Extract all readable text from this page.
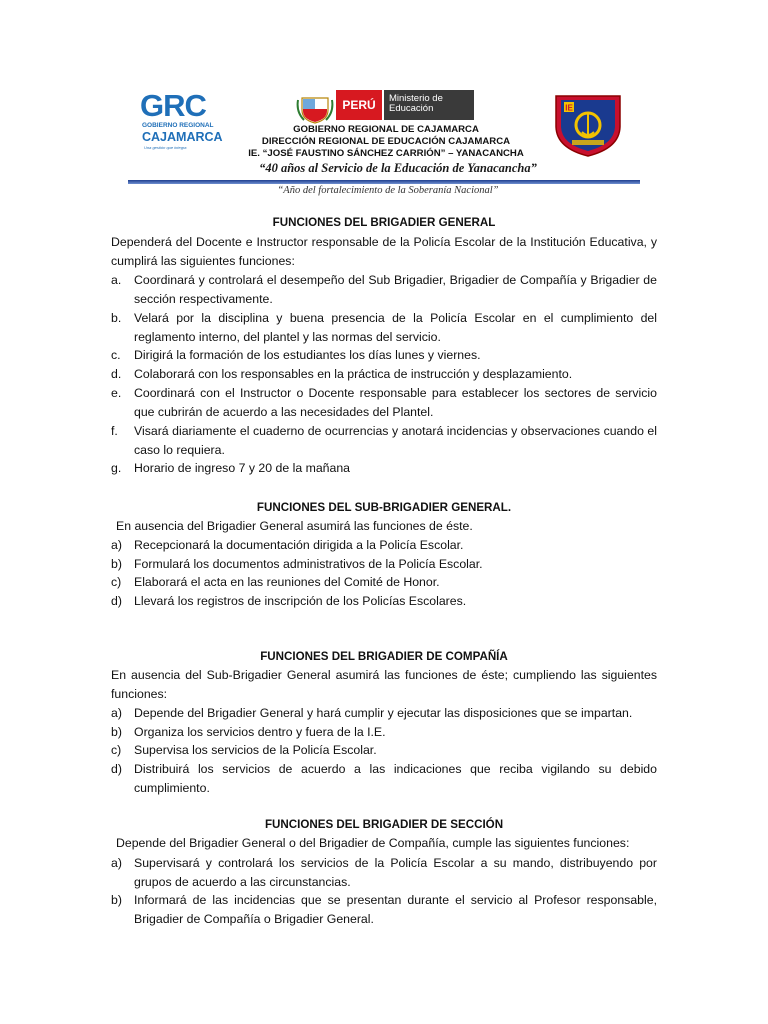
GRC
GOBIERNO REGIONAL
CAJAMARCA
Una gestión que integra
PERÚ	Ministerio de Educación	IE
GOBIERNO REGIONAL DE CAJAMARCA
DIRECCIÓN REGIONAL DE EDUCACIÓN CAJAMARCA
IE. “JOSÉ FAUSTINO SÁNCHEZ CARRIÓN” – YANACANCHA
“40 años al Servicio de la Educación de Yanacancha”
“Año del fortalecimiento de la Soberanía Nacional”
FUNCIONES DEL BRIGADIER GENERAL
Dependerá del Docente e Instructor responsable de la Policía Escolar de la Institución Educativa, y cumplirá las siguientes funciones:
a.	Coordinará y controlará el desempeño del Sub Brigadier, Brigadier de Compañía y Brigadier de sección respectivamente.
b.	Velará por la disciplina y buena presencia de la Policía Escolar en el cumplimiento del reglamento interno, del plantel y las normas del servicio.
c.	Dirigirá la formación de los estudiantes los días lunes y viernes.
d.	Colaborará con los responsables en la práctica de instrucción y desplazamiento.
e.	Coordinará con el Instructor o Docente responsable para establecer los sectores de servicio que cubrirán de acuerdo a las necesidades del Plantel.
f.	Visará diariamente el cuaderno de ocurrencias y anotará incidencias y observaciones cuando el caso lo requiera.
g.	Horario de ingreso 7 y 20 de la mañana
FUNCIONES DEL SUB-BRIGADIER GENERAL.
En ausencia del Brigadier General asumirá las funciones de éste.
a) Recepcionará la documentación dirigida a la Policía Escolar.
b) Formulará los documentos administrativos de la Policía Escolar.
c)	Elaborará el acta en las reuniones del Comité de Honor.
d) Llevará los registros de inscripción de los Policías Escolares.
FUNCIONES DEL BRIGADIER DE COMPAÑÍA
En ausencia del Sub-Brigadier General asumirá las funciones de éste; cumpliendo las siguientes funciones:
a) Depende del Brigadier General y hará cumplir y ejecutar las disposiciones que se impartan.
b) Organiza los servicios dentro y fuera de la I.E.
c)	Supervisa los servicios de la Policía Escolar.
d) Distribuirá los servicios de acuerdo a las indicaciones que reciba vigilando su debido cumplimiento.
FUNCIONES DEL BRIGADIER DE SECCIÓN
Depende del Brigadier General o del Brigadier de Compañía, cumple las siguientes funciones:
a) Supervisará y controlará los servicios de la Policía Escolar a su mando, distribuyendo por grupos de acuerdo a las circunstancias.
b) Informará de las incidencias que se presentan durante el servicio al Profesor responsable, Brigadier de Compañía o Brigadier General.
